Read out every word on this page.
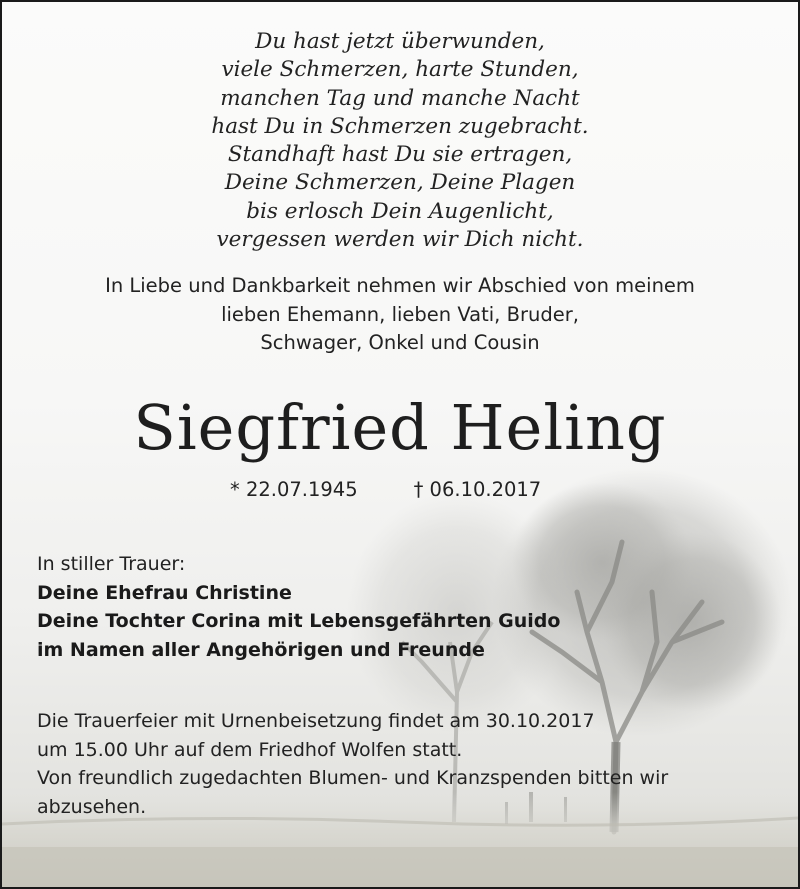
Du hast jetzt überwunden,
viele Schmerzen, harte Stunden,
manchen Tag und manche Nacht
hast Du in Schmerzen zugebracht.
Standhaft hast Du sie ertragen,
Deine Schmerzen, Deine Plagen
bis erlosch Dein Augenlicht,
vergessen werden wir Dich nicht.
In Liebe und Dankbarkeit nehmen wir Abschied von meinem
lieben Ehemann, lieben Vati, Bruder,
Schwager, Onkel und Cousin
Siegfried Heling
* 22.07.1945	† 06.10.2017
In stiller Trauer:
Deine Ehefrau Christine
Deine Tochter Corina mit Lebensgefährten Guido
im Namen aller Angehörigen und Freunde
Die Trauerfeier mit Urnenbeisetzung findet am 30.10.2017
um 15.00 Uhr auf dem Friedhof Wolfen statt.
Von freundlich zugedachten Blumen- und Kranzspenden bitten wir
abzusehen.
